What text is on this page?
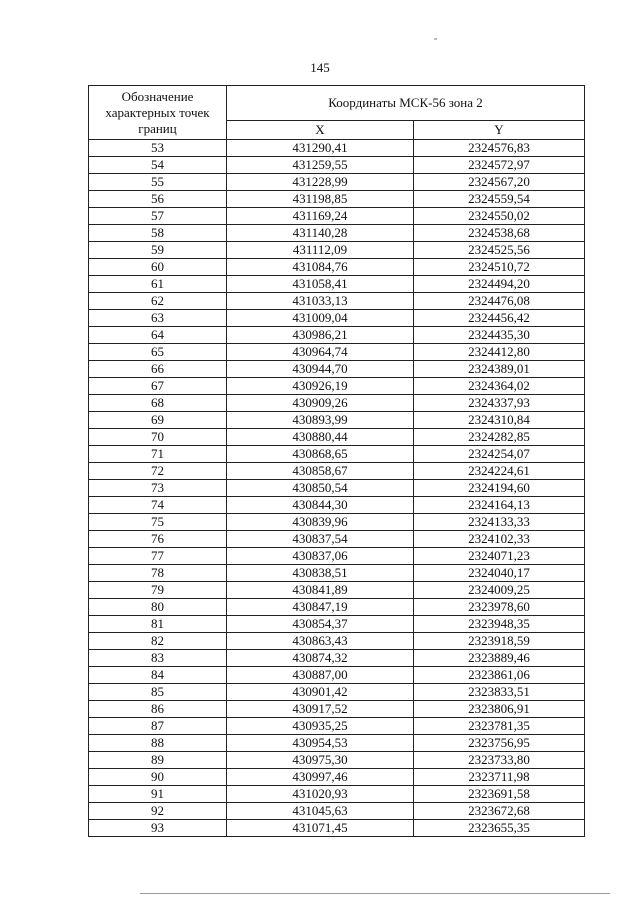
145
Обозначение характерных точек границ	Координаты МСК-56 зона 2	
	X	Y
53	431290,41	2324576,83
54	431259,55	2324572,97
55	431228,99	2324567,20
56	431198,85	2324559,54
57	431169,24	2324550,02
58	431140,28	2324538,68
59	431112,09	2324525,56
60	431084,76	2324510,72
61	431058,41	2324494,20
62	431033,13	2324476,08
63	431009,04	2324456,42
64	430986,21	2324435,30
65	430964,74	2324412,80
66	430944,70	2324389,01
67	430926,19	2324364,02
68	430909,26	2324337,93
69	430893,99	2324310,84
70	430880,44	2324282,85
71	430868,65	2324254,07
72	430858,67	2324224,61
73	430850,54	2324194,60
74	430844,30	2324164,13
75	430839,96	2324133,33
76	430837,54	2324102,33
77	430837,06	2324071,23
78	430838,51	2324040,17
79	430841,89	2324009,25
80	430847,19	2323978,60
81	430854,37	2323948,35
82	430863,43	2323918,59
83	430874,32	2323889,46
84	430887,00	2323861,06
85	430901,42	2323833,51
86	430917,52	2323806,91
87	430935,25	2323781,35
88	430954,53	2323756,95
89	430975,30	2323733,80
90	430997,46	2323711,98
91	431020,93	2323691,58
92	431045,63	2323672,68
93	431071,45	2323655,35
